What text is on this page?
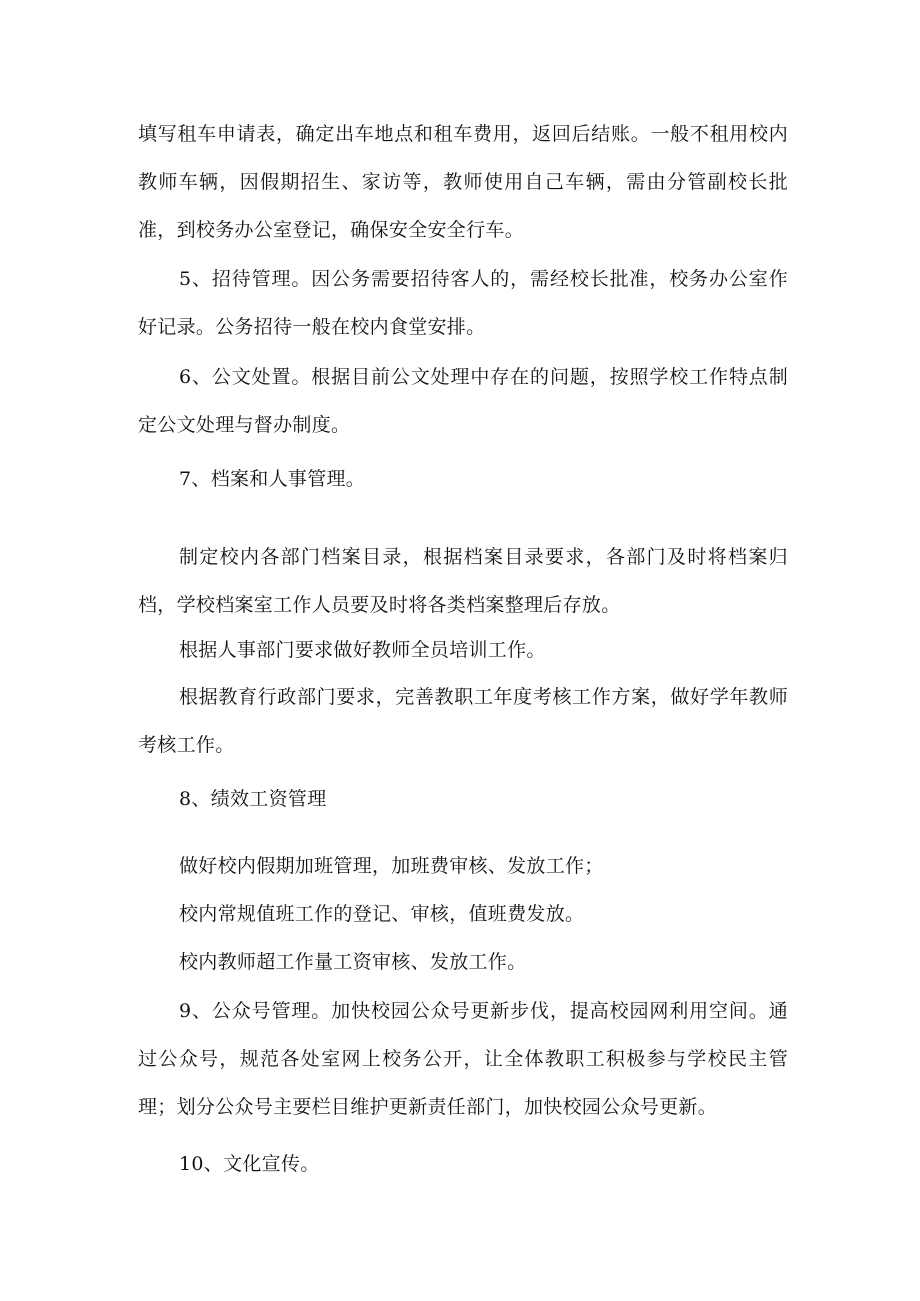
填写租车申请表，确定出车地点和租车费用，返回后结账。一般不租用校内教师车辆，因假期招生、家访等，教师使用自己车辆，需由分管副校长批准，到校务办公室登记，确保安全安全行车。

5、招待管理。因公务需要招待客人的，需经校长批准，校务办公室作好记录。公务招待一般在校内食堂安排。

6、公文处置。根据目前公文处理中存在的问题，按照学校工作特点制定公文处理与督办制度。

7、档案和人事管理。

制定校内各部门档案目录，根据档案目录要求，各部门及时将档案归档，学校档案室工作人员要及时将各类档案整理后存放。

根据人事部门要求做好教师全员培训工作。

根据教育行政部门要求，完善教职工年度考核工作方案，做好学年教师考核工作。

8、绩效工资管理

做好校内假期加班管理，加班费审核、发放工作；

校内常规值班工作的登记、审核，值班费发放。

校内教师超工作量工资审核、发放工作。

9、公众号管理。加快校园公众号更新步伐，提高校园网利用空间。通过公众号，规范各处室网上校务公开，让全体教职工积极参与学校民主管理；划分公众号主要栏目维护更新责任部门，加快校园公众号更新。

10、文化宣传。
